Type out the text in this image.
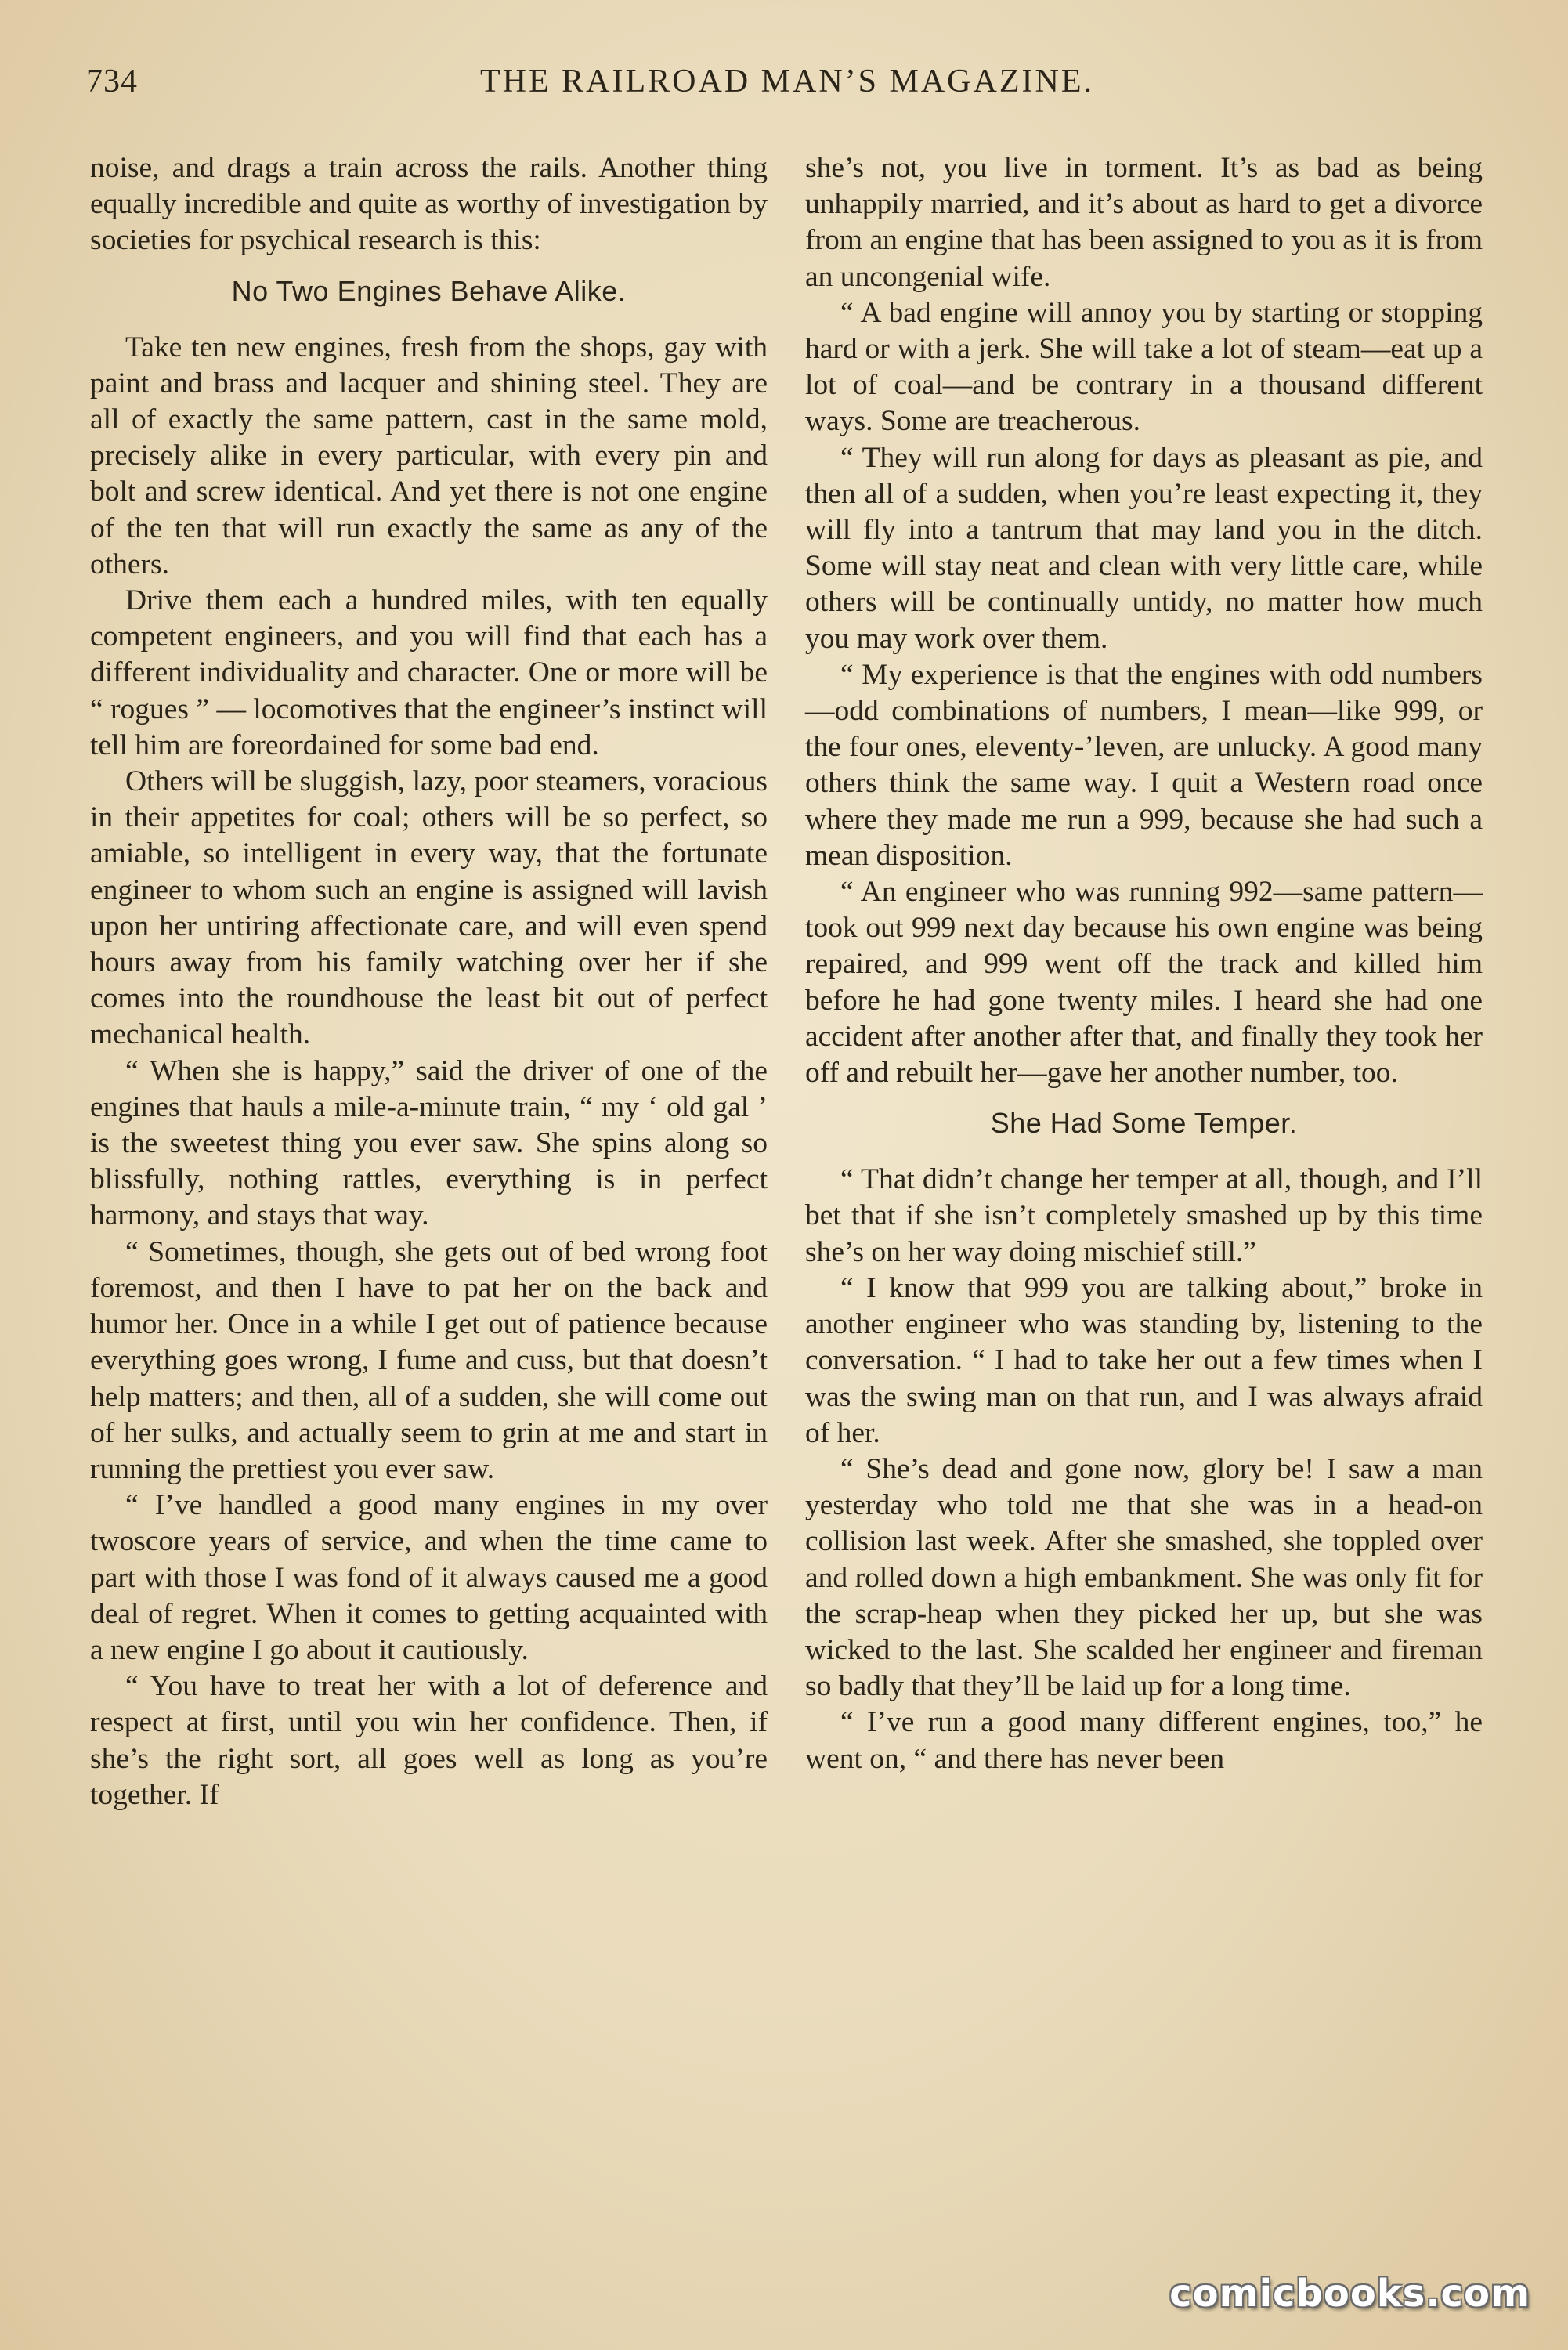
734	THE RAILROAD MAN’S MAGAZINE.

noise, and drags a train across the rails. Another thing equally incredible and quite as worthy of investigation by societies for psychical research is this:

No Two Engines Behave Alike.

Take ten new engines, fresh from the shops, gay with paint and brass and lacquer and shining steel. They are all of exactly the same pattern, cast in the same mold, precisely alike in every particular, with every pin and bolt and screw identical. And yet there is not one engine of the ten that will run exactly the same as any of the others.

Drive them each a hundred miles, with ten equally competent engineers, and you will find that each has a different individuality and character. One or more will be “ rogues ” — locomotives that the engineer’s instinct will tell him are foreordained for some bad end.

Others will be sluggish, lazy, poor steamers, voracious in their appetites for coal; others will be so perfect, so amiable, so intelligent in every way, that the fortunate engineer to whom such an engine is assigned will lavish upon her untiring affectionate care, and will even spend hours away from his family watching over her if she comes into the roundhouse the least bit out of perfect mechanical health.

“ When she is happy,” said the driver of one of the engines that hauls a mile-a-minute train, “ my ‘ old gal ’ is the sweetest thing you ever saw. She spins along so blissfully, nothing rattles, everything is in perfect harmony, and stays that way.

“ Sometimes, though, she gets out of bed wrong foot foremost, and then I have to pat her on the back and humor her. Once in a while I get out of patience because everything goes wrong, I fume and cuss, but that doesn’t help matters; and then, all of a sudden, she will come out of her sulks, and actually seem to grin at me and start in running the prettiest you ever saw.

“ I’ve handled a good many engines in my over twoscore years of service, and when the time came to part with those I was fond of it always caused me a good deal of regret. When it comes to getting acquainted with a new engine I go about it cautiously.

“ You have to treat her with a lot of deference and respect at first, until you win her confidence. Then, if she’s the right sort, all goes well as long as you’re together. If

she’s not, you live in torment. It’s as bad as being unhappily married, and it’s about as hard to get a divorce from an engine that has been assigned to you as it is from an uncongenial wife.

“ A bad engine will annoy you by starting or stopping hard or with a jerk. She will take a lot of steam—eat up a lot of coal—and be contrary in a thousand different ways. Some are treacherous.

“ They will run along for days as pleasant as pie, and then all of a sudden, when you’re least expecting it, they will fly into a tantrum that may land you in the ditch. Some will stay neat and clean with very little care, while others will be continually untidy, no matter how much you may work over them.

“ My experience is that the engines with odd numbers—odd combinations of numbers, I mean—like 999, or the four ones, eleventy-’leven, are unlucky. A good many others think the same way. I quit a Western road once where they made me run a 999, because she had such a mean disposition.

“ An engineer who was running 992—same pattern—took out 999 next day because his own engine was being repaired, and 999 went off the track and killed him before he had gone twenty miles. I heard she had one accident after another after that, and finally they took her off and rebuilt her—gave her another number, too.

She Had Some Temper.

“ That didn’t change her temper at all, though, and I’ll bet that if she isn’t completely smashed up by this time she’s on her way doing mischief still.”

“ I know that 999 you are talking about,” broke in another engineer who was standing by, listening to the conversation. “ I had to take her out a few times when I was the swing man on that run, and I was always afraid of her.

“ She’s dead and gone now, glory be! I saw a man yesterday who told me that she was in a head-on collision last week. After she smashed, she toppled over and rolled down a high embankment. She was only fit for the scrap-heap when they picked her up, but she was wicked to the last. She scalded her engineer and fireman so badly that they’ll be laid up for a long time.

“ I’ve run a good many different engines, too,” he went on, “ and there has never been

comicbooks.com
